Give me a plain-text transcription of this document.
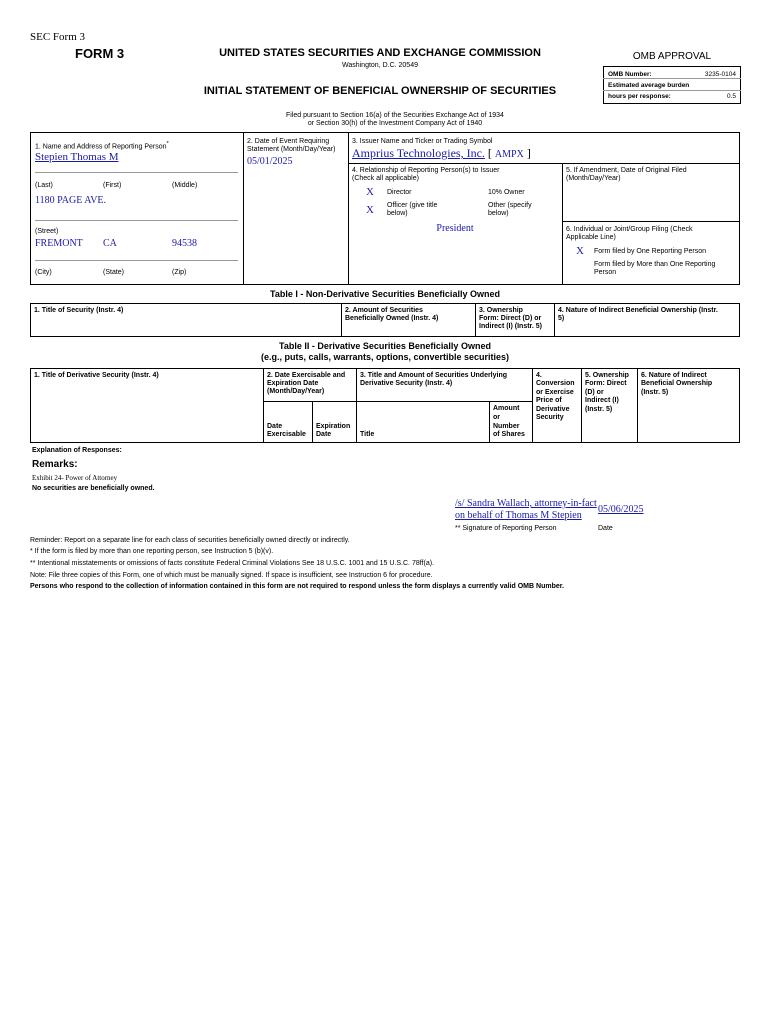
SEC Form 3
FORM 3	UNITED STATES SECURITIES AND EXCHANGE COMMISSION
Washington, D.C. 20549
INITIAL STATEMENT OF BENEFICIAL OWNERSHIP OF SECURITIES
OMB APPROVAL
OMB Number:	3235-0104
Estimated average burden
hours per response:	0.5
Filed pursuant to Section 16(a) of the Securities Exchange Act of 1934
or Section 30(h) of the Investment Company Act of 1940
1. Name and Address of Reporting Person*
Stepien Thomas M
(Last)	(First)	(Middle)
1180 PAGE AVE.
(Street)
FREMONT CA	94538
(City)	(State)	(Zip)
2. Date of Event Requiring
Statement (Month/Day/Year)
05/01/2025
3. Issuer Name and Ticker or Trading Symbol
Amprius Technologies, Inc. [ AMPX ]
4. Relationship of Reporting Person(s) to Issuer
(Check all applicable)
X Director	10% Owner
X Officer (give title
below)
Other (specify
below)
President
5. If Amendment, Date of Original Filed
(Month/Day/Year)
6. Individual or Joint/Group Filing (Check
Applicable Line)
X Form filed by One Reporting Person
Form filed by More than One Reporting
Person
Table I - Non-Derivative Securities Beneficially Owned
1. Title of Security (Instr. 4)	2. Amount of Securities
Beneficially Owned (Instr. 4)
3. Ownership
Form: Direct (D) or
Indirect (I) (Instr. 5)
4. Nature of Indirect Beneficial Ownership (Instr.
5)
Table II - Derivative Securities Beneficially Owned
(e.g., puts, calls, warrants, options, convertible securities)
1. Title of Derivative Security (Instr. 4)	2. Date Exercisable and
Expiration Date
(Month/Day/Year)
Date
Exercisable
Expiration
Date
3. Title and Amount of Securities Underlying
Derivative Security (Instr. 4)
Title
Amount
or
Number
of Shares
4.
Conversion
or Exercise
Price of
Derivative
Security
5. Ownership
Form: Direct
(D) or
Indirect (I)
(Instr. 5)
6. Nature of Indirect
Beneficial Ownership
(Instr. 5)
Explanation of Responses:
Remarks:
Exhibit 24- Power of Attorney
No securities are beneficially owned.
/s/ Sandra Wallach, attorney-in-fact
on behalf of Thomas M Stepien
05/06/2025
** Signature of Reporting Person	Date
Reminder: Report on a separate line for each class of securities beneficially owned directly or indirectly.
* If the form is filed by more than one reporting person, see Instruction 5 (b)(v).
** Intentional misstatements or omissions of facts constitute Federal Criminal Violations See 18 U.S.C. 1001 and 15 U.S.C. 78ff(a).
Note: File three copies of this Form, one of which must be manually signed. If space is insufficient, see Instruction 6 for procedure.
Persons who respond to the collection of information contained in this form are not required to respond unless the form displays a currently valid OMB Number.
